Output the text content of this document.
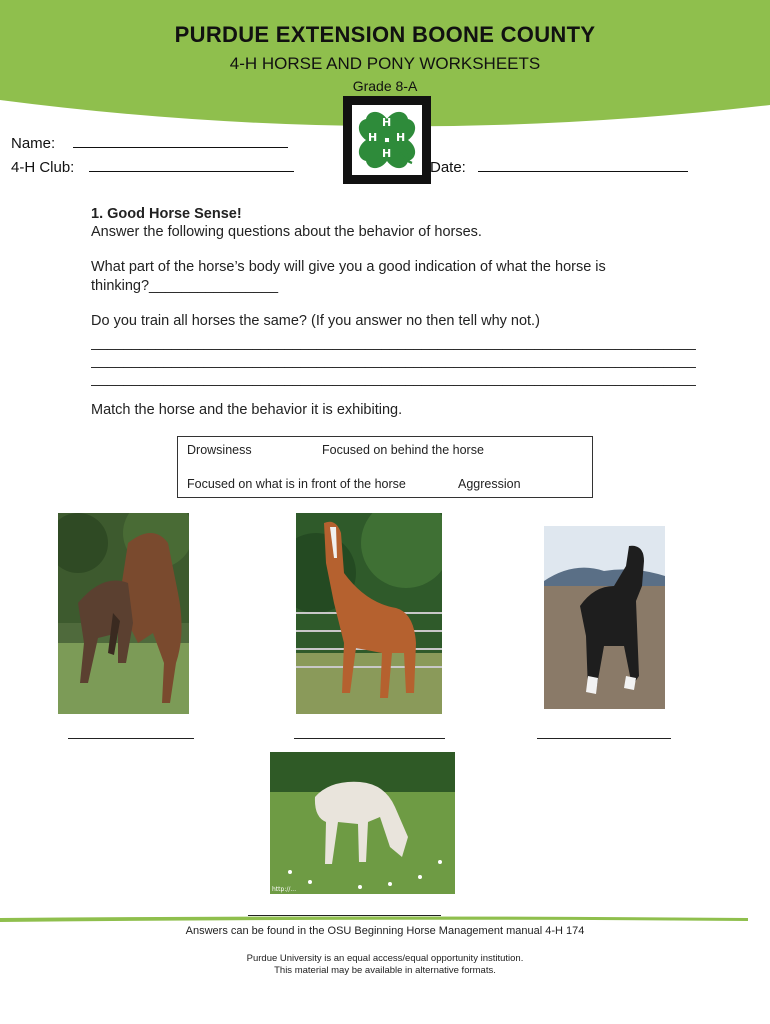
PURDUE EXTENSION BOONE COUNTY
4-H HORSE AND PONY WORKSHEETS
Grade 8-A
H
H
H
H
Name:
4-H Club:	Date:
1. Good Horse Sense!
Answer the following questions about the behavior of horses.
What part of the horse’s body will give you a good indication of what the horse is thinking?________________
Do you train all horses the same? (If you answer no then tell why not.)
___________________________________________________________________________
___________________________________________________________________________
___________________________________________________________________________
Match the horse and the behavior it is exhibiting.
Drowsiness	Focused on behind the horse
Focused on what is in front of the horse	Aggression
http://...
Answers can be found in the OSU Beginning Horse Management manual 4-H 174
Purdue University is an equal access/equal opportunity institution.
This material may be available in alternative formats.
